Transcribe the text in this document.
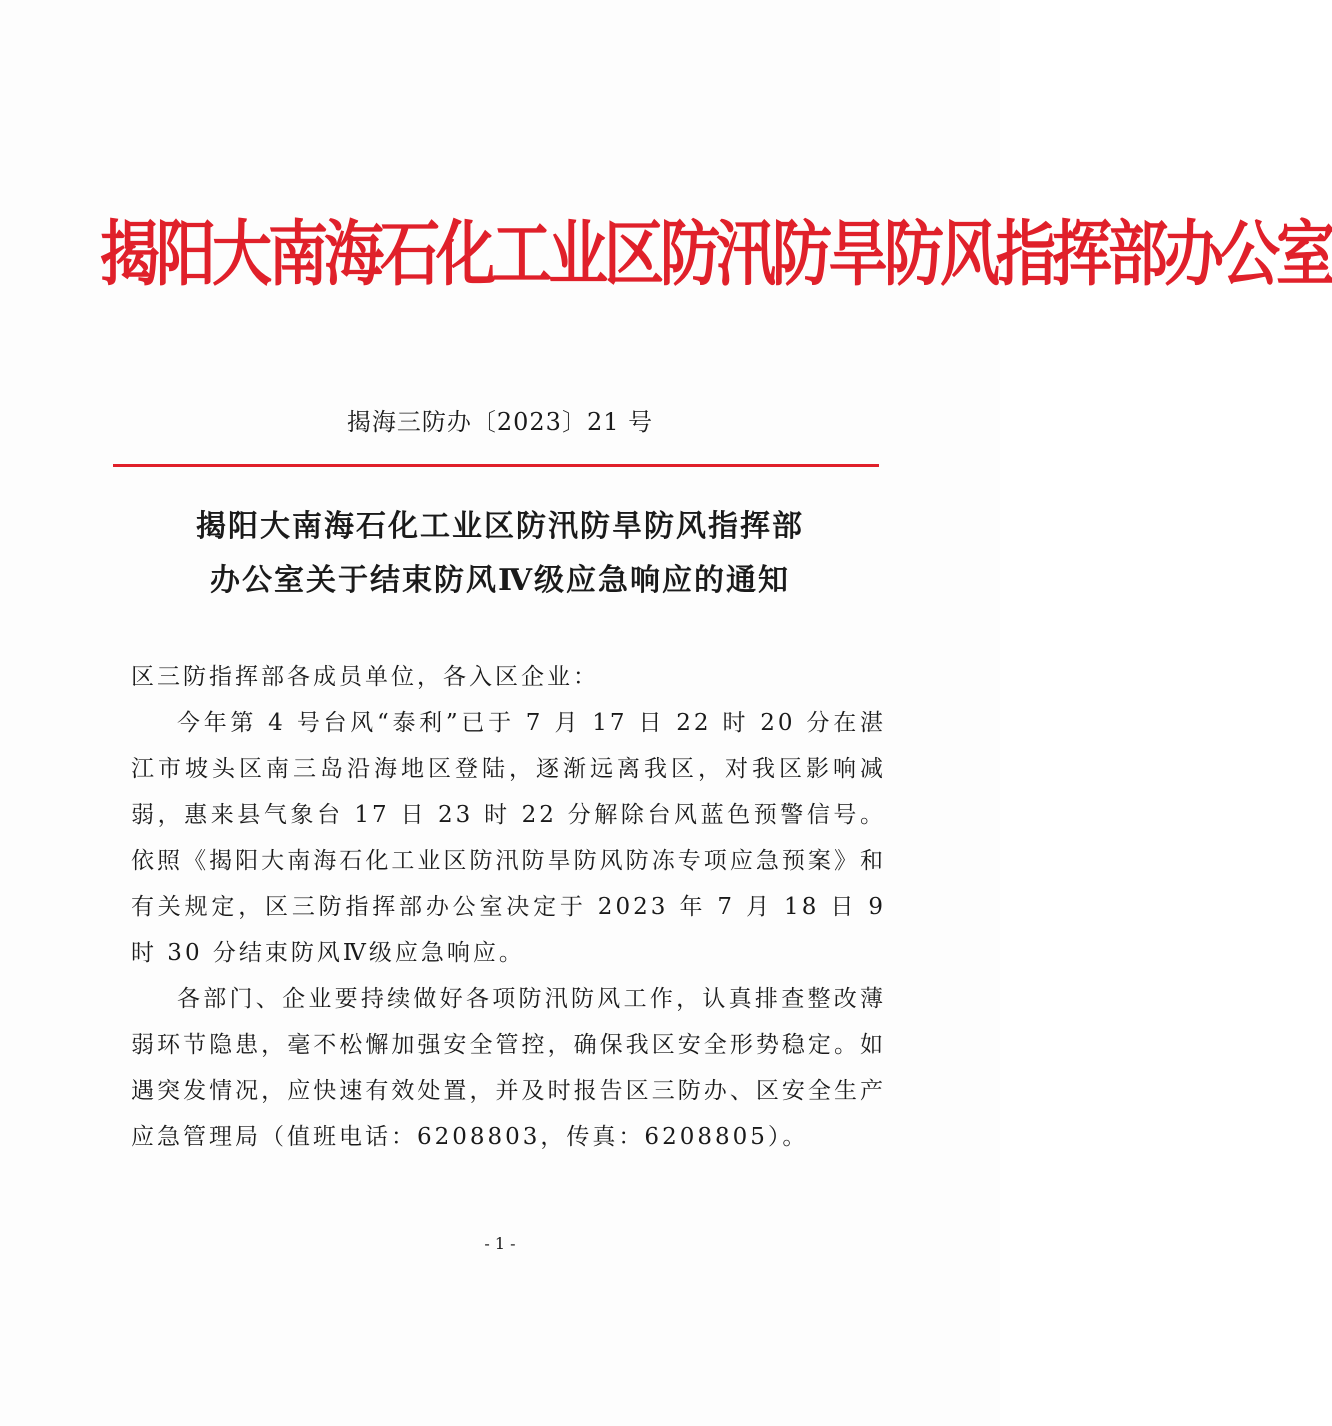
揭阳大南海石化工业区防汛防旱防风指挥部办公室
揭海三防办〔2023〕21 号
揭阳大南海石化工业区防汛防旱防风指挥部
办公室关于结束防风Ⅳ级应急响应的通知

区三防指挥部各成员单位，各入区企业：

今年第 4 号台风“泰利”已于 7 月 17 日 22 时 20 分在湛江市坡头区南三岛沿海地区登陆，逐渐远离我区，对我区影响减弱，惠来县气象台 17 日 23 时 22 分解除台风蓝色预警信号。依照《揭阳大南海石化工业区防汛防旱防风防冻专项应急预案》和有关规定，区三防指挥部办公室决定于 2023 年 7 月 18 日 9 时 30 分结束防风Ⅳ级应急响应。

各部门、企业要持续做好各项防汛防风工作，认真排查整改薄弱环节隐患，毫不松懈加强安全管控，确保我区安全形势稳定。如遇突发情况，应快速有效处置，并及时报告区三防办、区安全生产应急管理局（值班电话：6208803，传真：6208805）。

- 1 -
